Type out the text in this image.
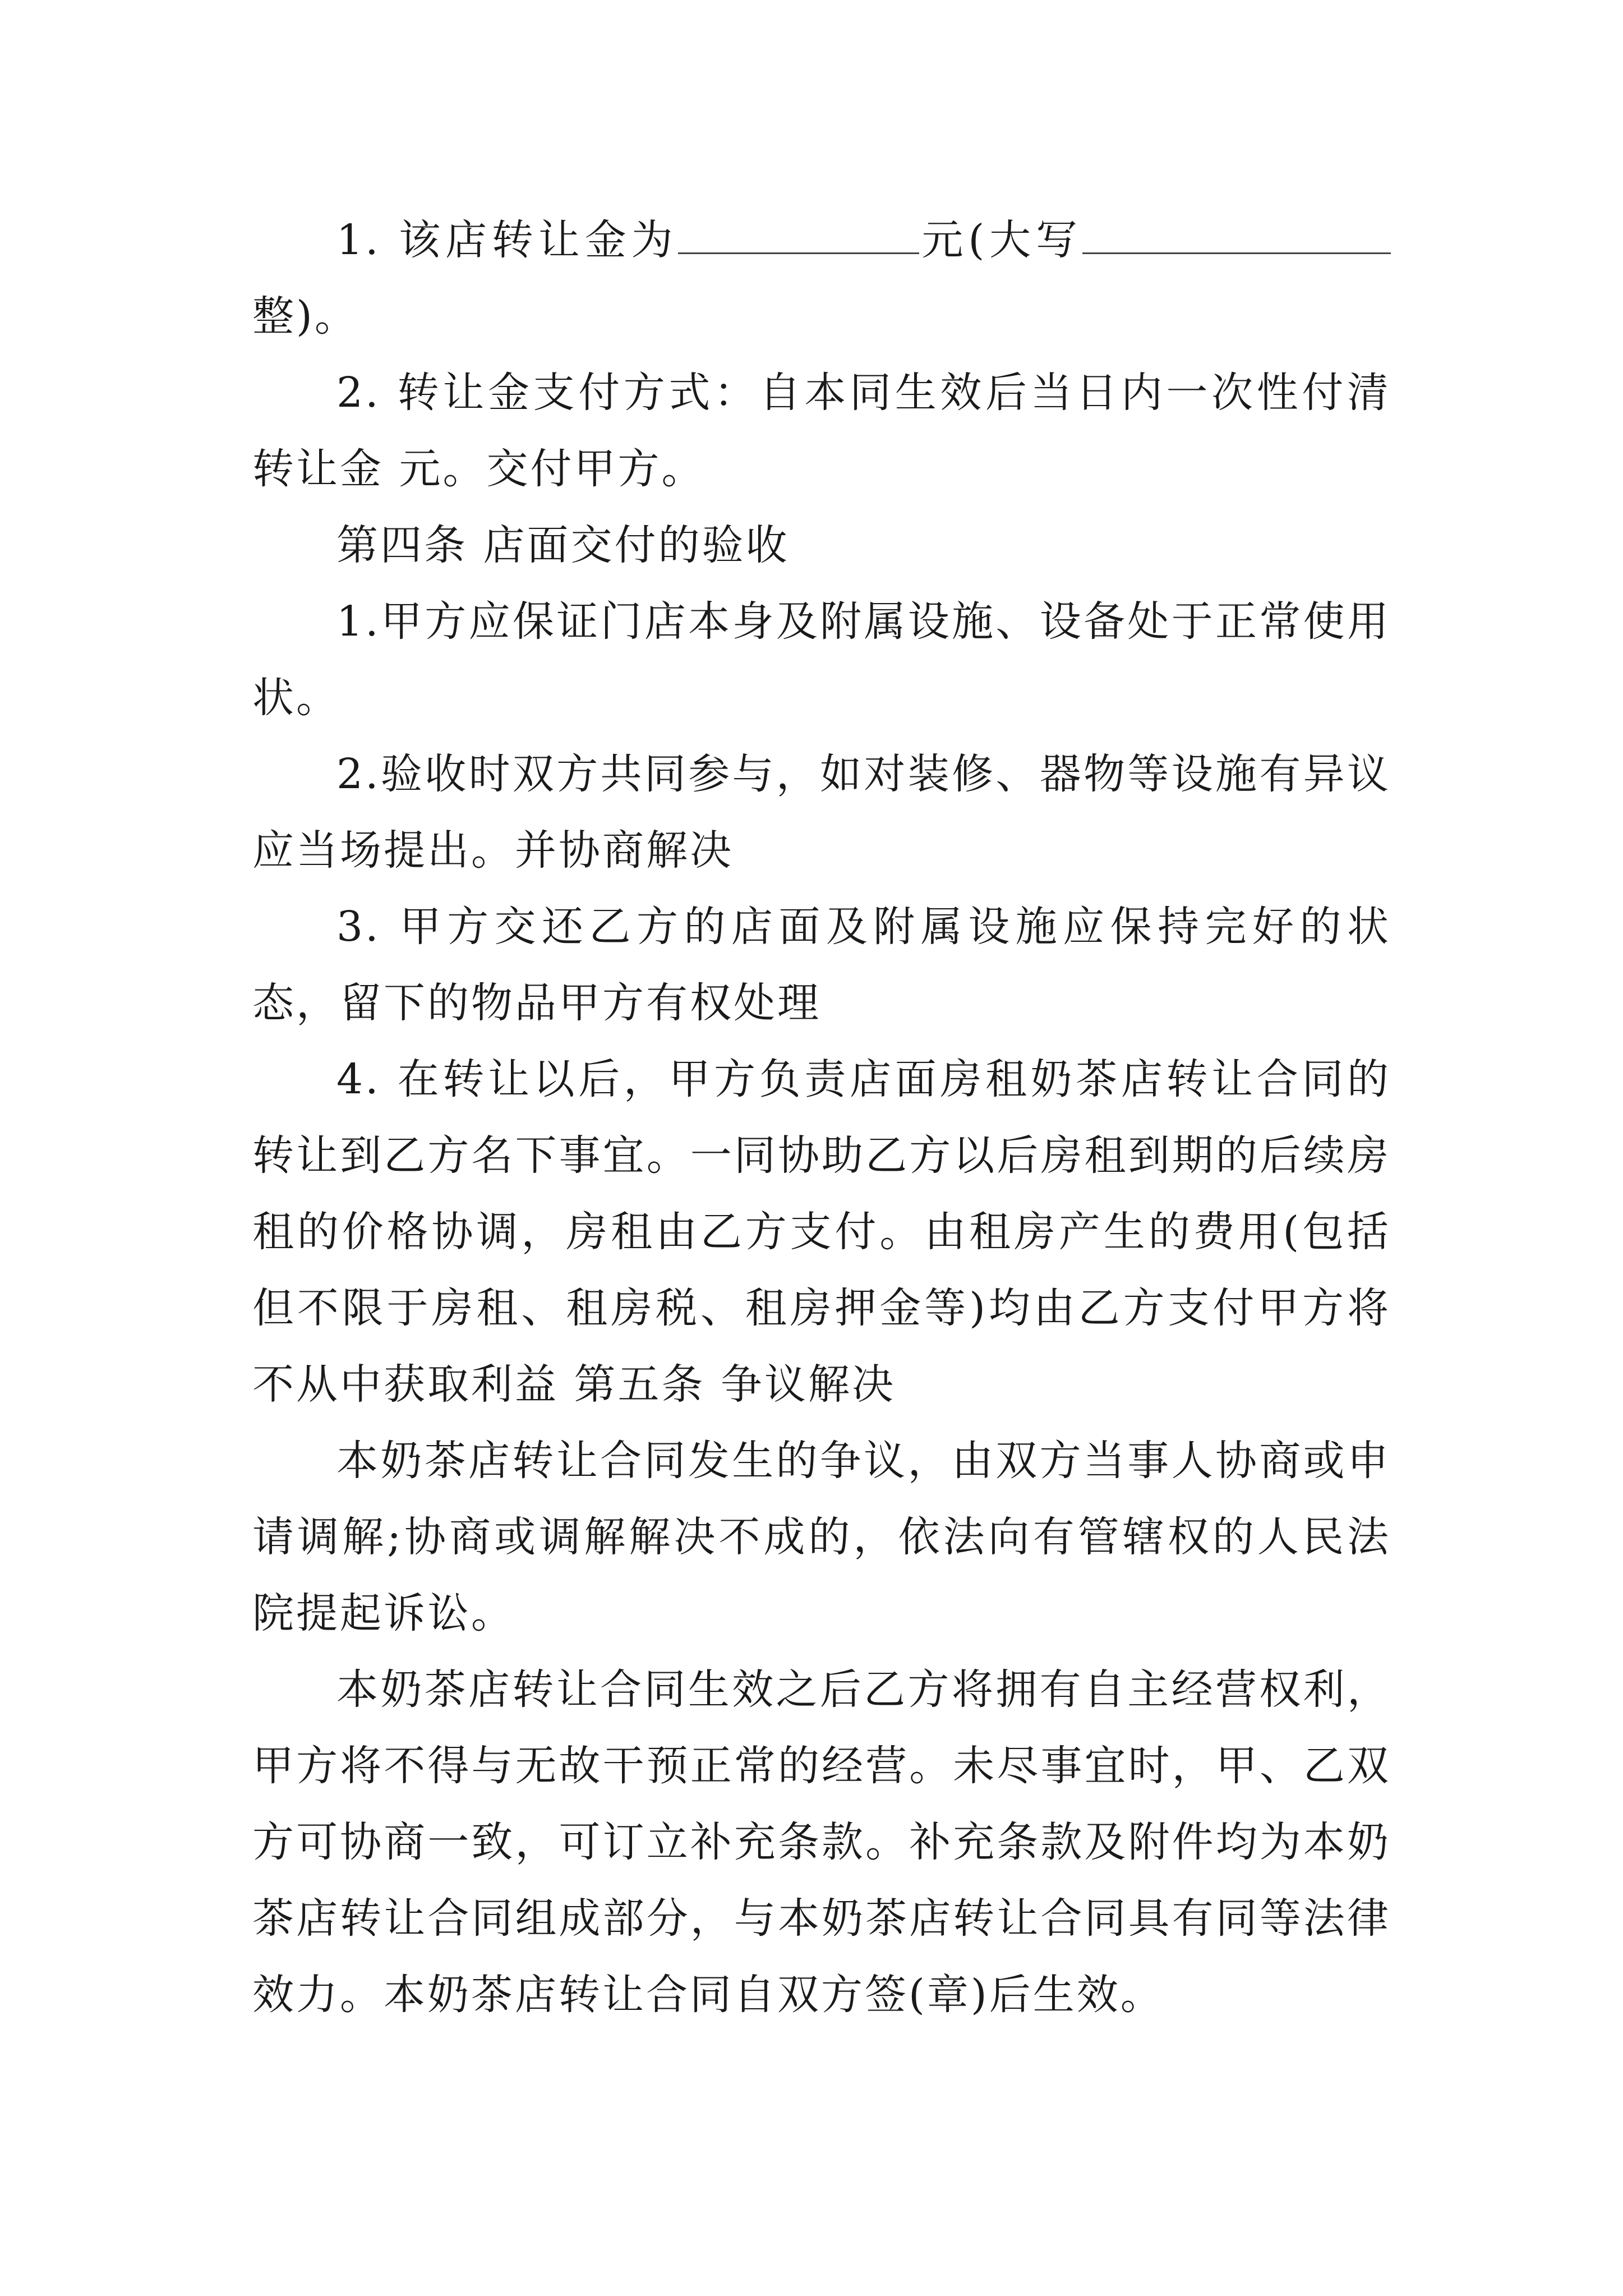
1. 该店转让金为	元(大写整)。

2. 转让金支付方式：自本同生效后当日内一次性付清转让金 元。交付甲方。

第四条 店面交付的验收

1.甲方应保证门店本身及附属设施、设备处于正常使用状。

2.验收时双方共同参与，如对装修、器物等设施有异议应当场提出。并协商解决

3. 甲方交还乙方的店面及附属设施应保持完好的状态，留下的物品甲方有权处理

4. 在转让以后，甲方负责店面房租奶茶店转让合同的转让到乙方名下事宜。一同协助乙方以后房租到期的后续房租的价格协调，房租由乙方支付。由租房产生的费用(包括但不限于房租、租房税、租房押金等)均由乙方支付甲方将不从中获取利益 第五条 争议解决

本奶茶店转让合同发生的争议，由双方当事人协商或申请调解;协商或调解解决不成的，依法向有管辖权的人民法院提起诉讼。

本奶茶店转让合同生效之后乙方将拥有自主经营权利，甲方将不得与无故干预正常的经营。未尽事宜时，甲、乙双方可协商一致，可订立补充条款。补充条款及附件均为本奶茶店转让合同组成部分，与本奶茶店转让合同具有同等法律效力。本奶茶店转让合同自双方签(章)后生效。
